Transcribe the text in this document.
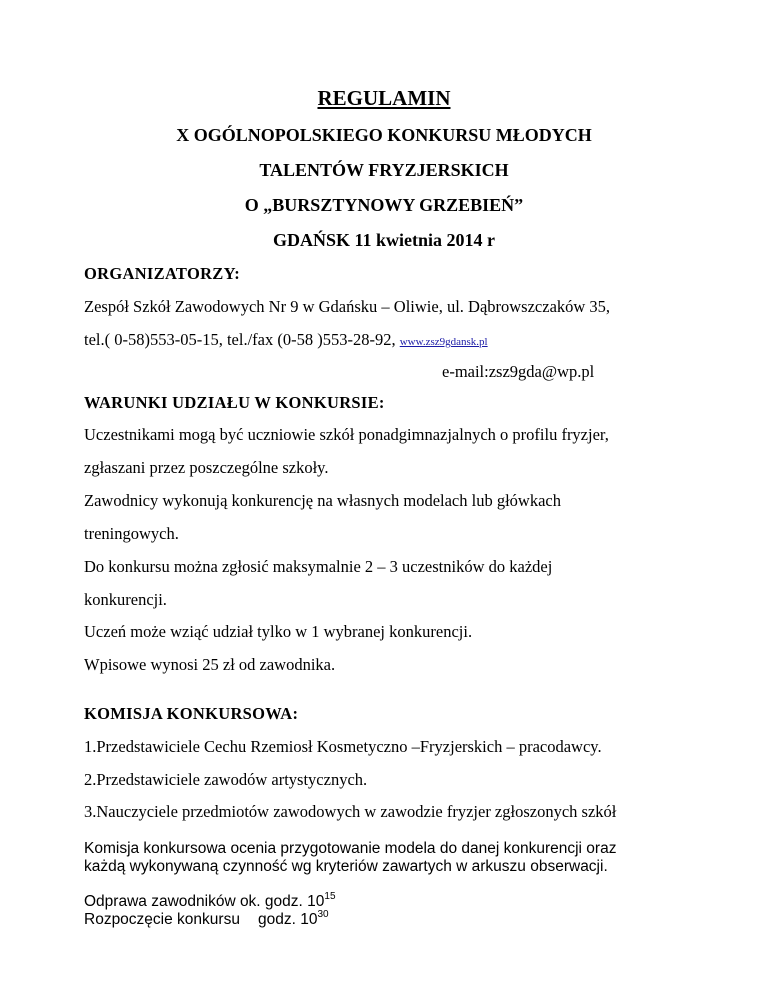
REGULAMIN
X OGÓLNOPOLSKIEGO KONKURSU MŁODYCH
TALENTÓW FRYZJERSKICH
O „BURSZTYNOWY GRZEBIEŃ”
GDAŃSK 11 kwietnia 2014 r
ORGANIZATORZY:
Zespół Szkół Zawodowych Nr 9 w Gdańsku – Oliwie, ul. Dąbrowszczaków 35,
tel.( 0-58)553-05-15, tel./fax (0-58 )553-28-92, www.zsz9gdansk.pl
e-mail:zsz9gda@wp.pl
WARUNKI UDZIAŁU W KONKURSIE:
Uczestnikami mogą być uczniowie szkół ponadgimnazjalnych o profilu fryzjer,
zgłaszani przez poszczególne szkoły.
Zawodnicy wykonują konkurencję na własnych modelach lub główkach
treningowych.
Do konkursu można zgłosić maksymalnie 2 – 3 uczestników do każdej
konkurencji.
Uczeń może wziąć udział tylko w 1 wybranej konkurencji.
Wpisowe wynosi 25 zł od zawodnika.
KOMISJA KONKURSOWA:
1.Przedstawiciele Cechu Rzemiosł Kosmetyczno –Fryzjerskich – pracodawcy.
2.Przedstawiciele zawodów artystycznych.
3.Nauczyciele przedmiotów zawodowych w zawodzie fryzjer zgłoszonych szkół
Komisja konkursowa ocenia przygotowanie modela do danej konkurencji oraz
każdą wykonywaną czynność wg kryteriów zawartych w arkuszu obserwacji.
Odprawa zawodników ok. godz. $10^{15}$
Rozpoczęcie konkursu godz. $10^{30}$
